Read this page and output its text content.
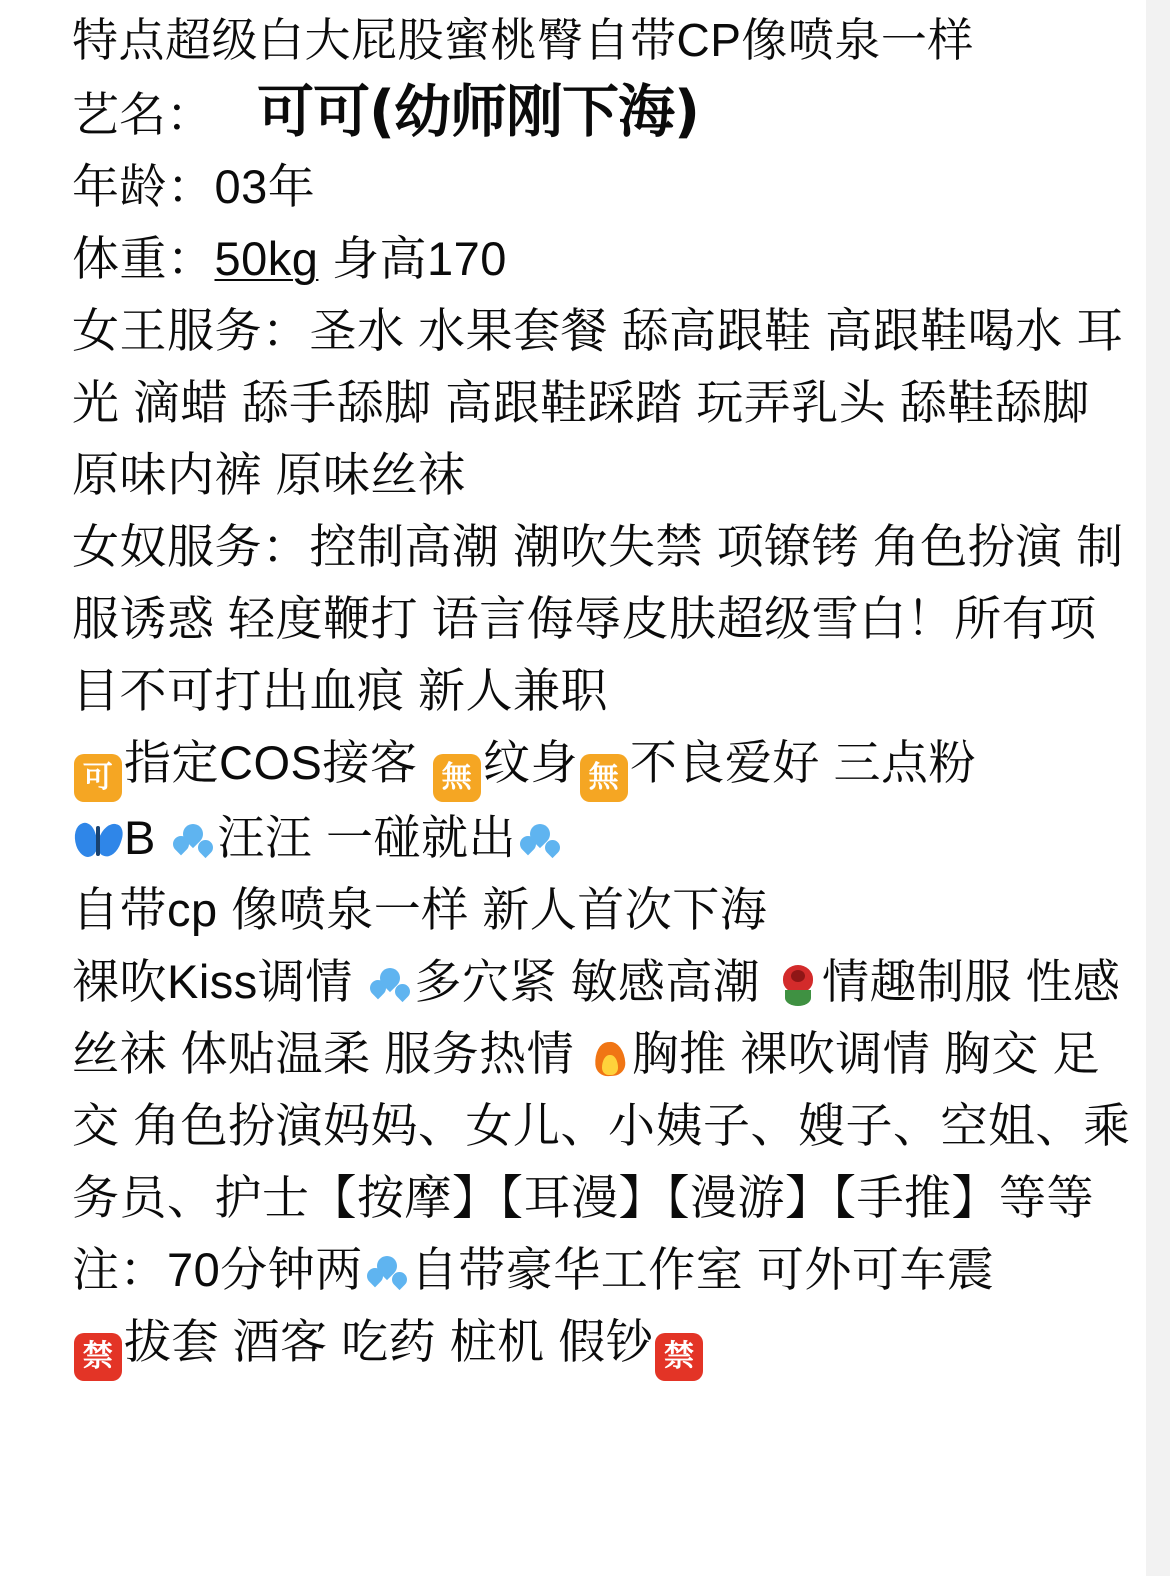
特点超级白大屁股蜜桃臀自带CP像喷泉一样
艺名： 可可(幼师刚下海)
年龄：03年
体重：50kg 身高170
女王服务：圣水 水果套餐 舔高跟鞋 高跟鞋喝水 耳光 滴蜡 舔手舔脚 高跟鞋踩踏 玩弄乳头 舔鞋舔脚 原味内裤 原味丝袜
女奴服务：控制高潮 潮吹失禁 项镣铐 角色扮演 制服诱惑 轻度鞭打 语言侮辱皮肤超级雪白！所有项目不可打出血痕 新人兼职
可 指定COS接客 無 纹身 無 不良爱好 三点粉
B
汪汪 一碰就出
自带cp 像喷泉一样 新人首次下海
裸吹Kiss调情
多穴紧 敏感高潮
情趣制服 性感丝袜 体贴温柔 服务热情
胸推 裸吹调情 胸交 足交 角色扮演妈妈、女儿、小姨子、嫂子、空姐、乘务员、护士【按摩】【耳漫】【漫游】【手推】等等
注：70分钟两 自带豪华工作室 可外可车震
禁 拔套 酒客 吃药 桩机 假钞 禁
